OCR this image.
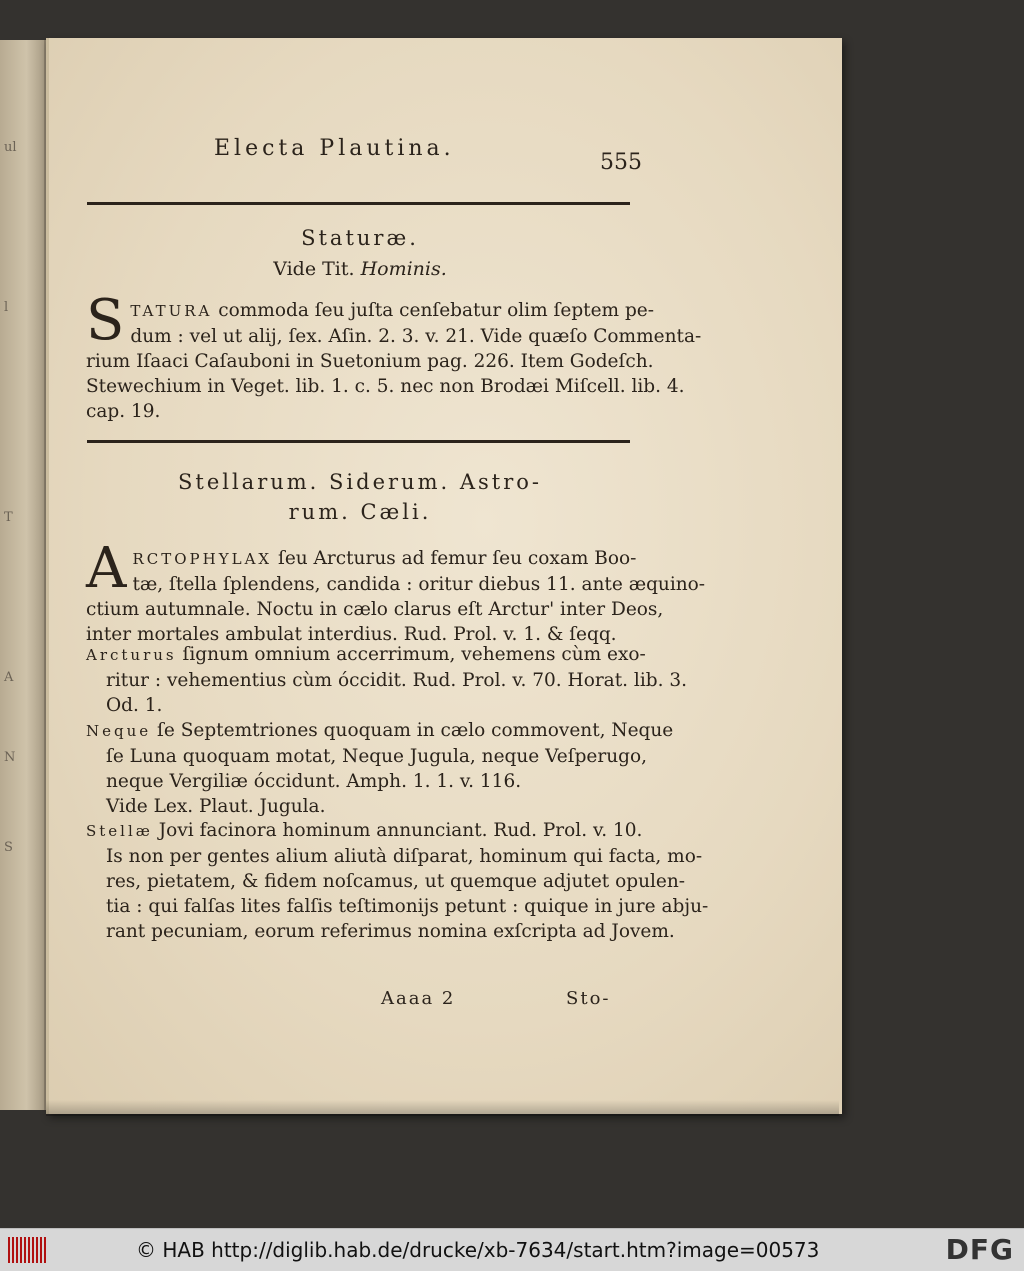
ul
l
T
A
N
S
Electa Plautina.
555
Staturæ.
Vide Tit. Hominis.
S TATURA commoda ſeu juſta cenſebatur olim ſeptem pe-
dum : vel ut alij, ſex. Aſin. 2. 3. v. 21. Vide quæſo Commenta-
rium Iſaaci Caſauboni in Suetonium pag. 226. Item Godeſch.
Stewechium in Veget. lib. 1. c. 5. nec non Brodæi Miſcell. lib. 4.
cap. 19.
Stellarum. Siderum. Astro-
rum. Cæli.
A RCTOPHYLAX ſeu Arcturus ad femur ſeu coxam Boo-
tæ, ſtella ſplendens, candida : oritur diebus 11. ante æquino-
ctium autumnale. Noctu in cælo clarus eſt Arctur' inter Deos,
inter mortales ambulat interdius. Rud. Prol. v. 1. & ſeqq.
Arcturus ſignum omnium accerrimum, vehemens cùm exo-
ritur : vehementius cùm óccidit. Rud. Prol. v. 70. Horat. lib. 3.
Od. 1.
Neque ſe Septemtriones quoquam in cælo commovent, Neque
ſe Luna quoquam motat, Neque Jugula, neque Veſperugo,
neque Vergiliæ óccidunt. Amph. 1. 1. v. 116.
Vide Lex. Plaut. Jugula.
Stellæ Jovi facinora hominum annunciant. Rud. Prol. v. 10.
Is non per gentes alium aliutà diſparat, hominum qui facta, mo-
res, pietatem, & fidem noſcamus, ut quemque adjutet opulen-
tia : qui falſas lites falſis teſtimonijs petunt : quique in jure abju-
rant pecuniam, eorum referimus nomina exſcripta ad Jovem.
Aaaa 2	Sto-
© HAB http://diglib.hab.de/drucke/xb-7634/start.htm?image=00573	DFG
